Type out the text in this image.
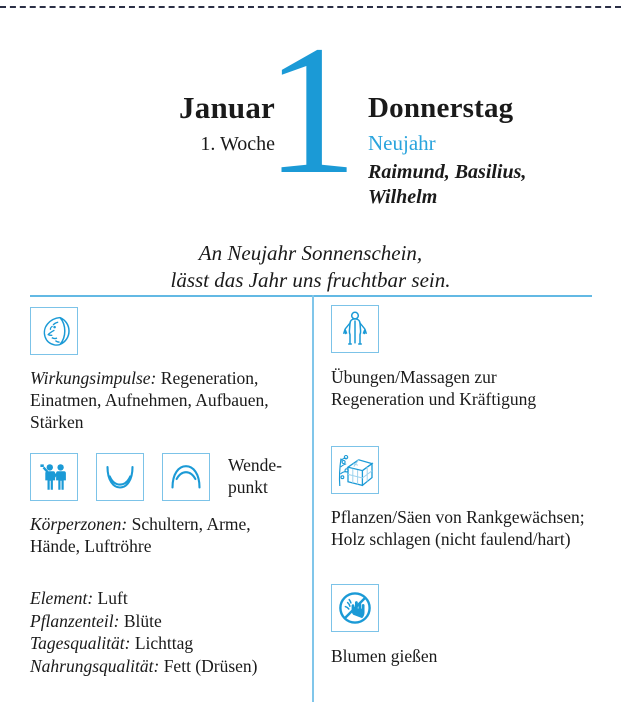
1
Januar
1. Woche
Donnerstag
Neujahr
Raimund, Basilius, Wilhelm
An Neujahr Sonnenschein,
lässt das Jahr uns fruchtbar sein.
Wirkungsimpulse: Regeneration, Einatmen, Aufnehmen, Aufbauen, Stärken
Wende-
punkt
Körperzonen: Schultern, Arme, Hände, Luftröhre
Element: Luft
Pflanzenteil: Blüte
Tagesqualität: Lichttag
Nahrungsqualität: Fett (Drüsen)
Übungen/Massagen zur Regeneration und Kräftigung
Pflanzen/Säen von Rankgewächsen; Holz schlagen (nicht faulend/hart)
Blumen gießen
